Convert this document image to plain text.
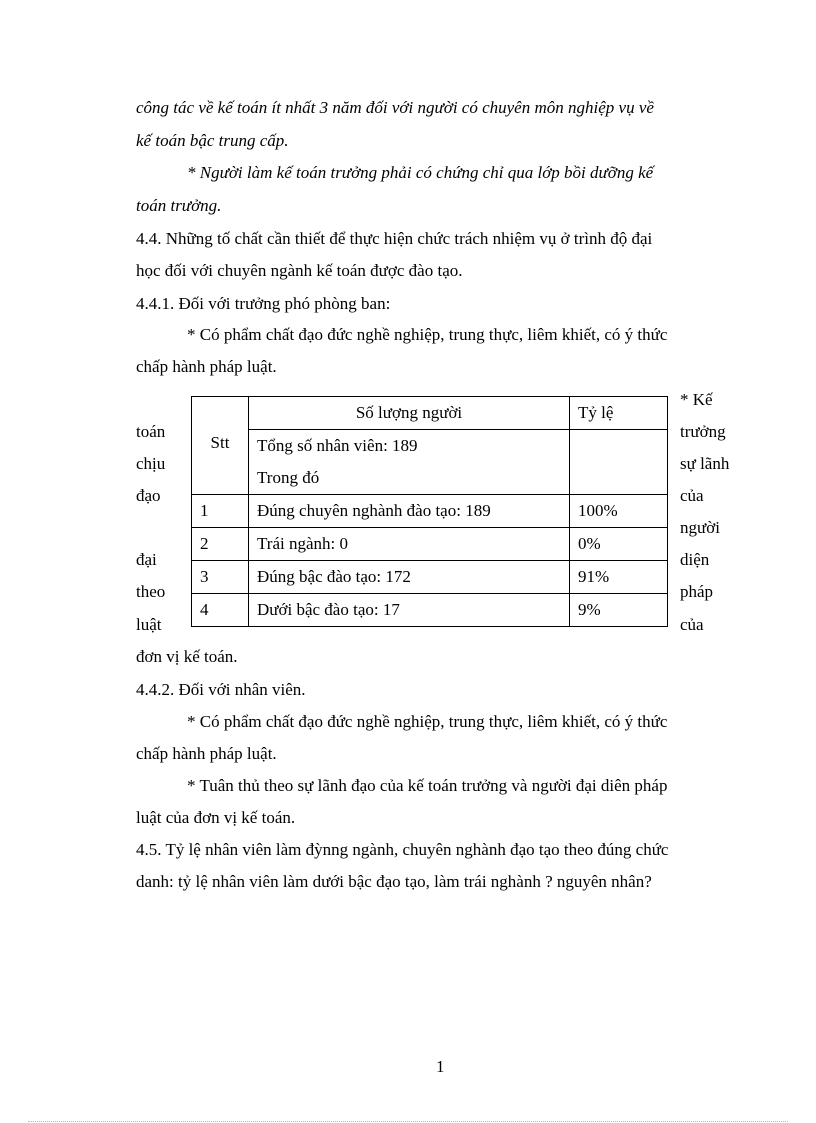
công tác về kế toán ít nhất 3 năm đối với người có chuyên môn nghiệp vụ về
kế toán bậc trung cấp.
* Người làm kế toán trưởng phải có chứng chỉ qua lớp bồi dưỡng kế
toán trưởng.
4.4. Những tố chất cần thiết để thực hiện chức trách nhiệm vụ ở trình độ đại
học đối với chuyên ngành kế toán được đào tạo.
4.4.1. Đối với trưởng phó phòng ban:
* Có phẩm chất đạo đức nghề nghiệp, trung thực, liêm khiết, có ý thức
chấp hành pháp luật.
* Kế
trưởng
sự lãnh
của
người
diện
pháp
của
toán
chịu
đạo
đại
theo
luật
Stt	Số lượng người	Tỷ lệ

	Tổng số nhân viên: 189
Trong đó	

1	Đúng chuyên nghành đào tạo: 189	100%
2	Trái ngành: 0	0%
3	Đúng bậc đào tạo: 172	91%
4	Dưới bậc đào tạo: 17	9%
đơn vị kế toán.
4.4.2. Đối với nhân viên.
* Có phẩm chất đạo đức nghề nghiệp, trung thực, liêm khiết, có ý thức
chấp hành pháp luật.
* Tuân thủ theo sự lãnh đạo của kế toán trưởng và người đại diên pháp
luật của đơn vị kế toán.
4.5. Tỷ lệ nhân viên làm đỳnng ngành, chuyên nghành đạo tạo theo đúng chức
danh: tỷ lệ nhân viên làm dưới bậc đạo tạo, làm trái nghành ? nguyên nhân?
1
